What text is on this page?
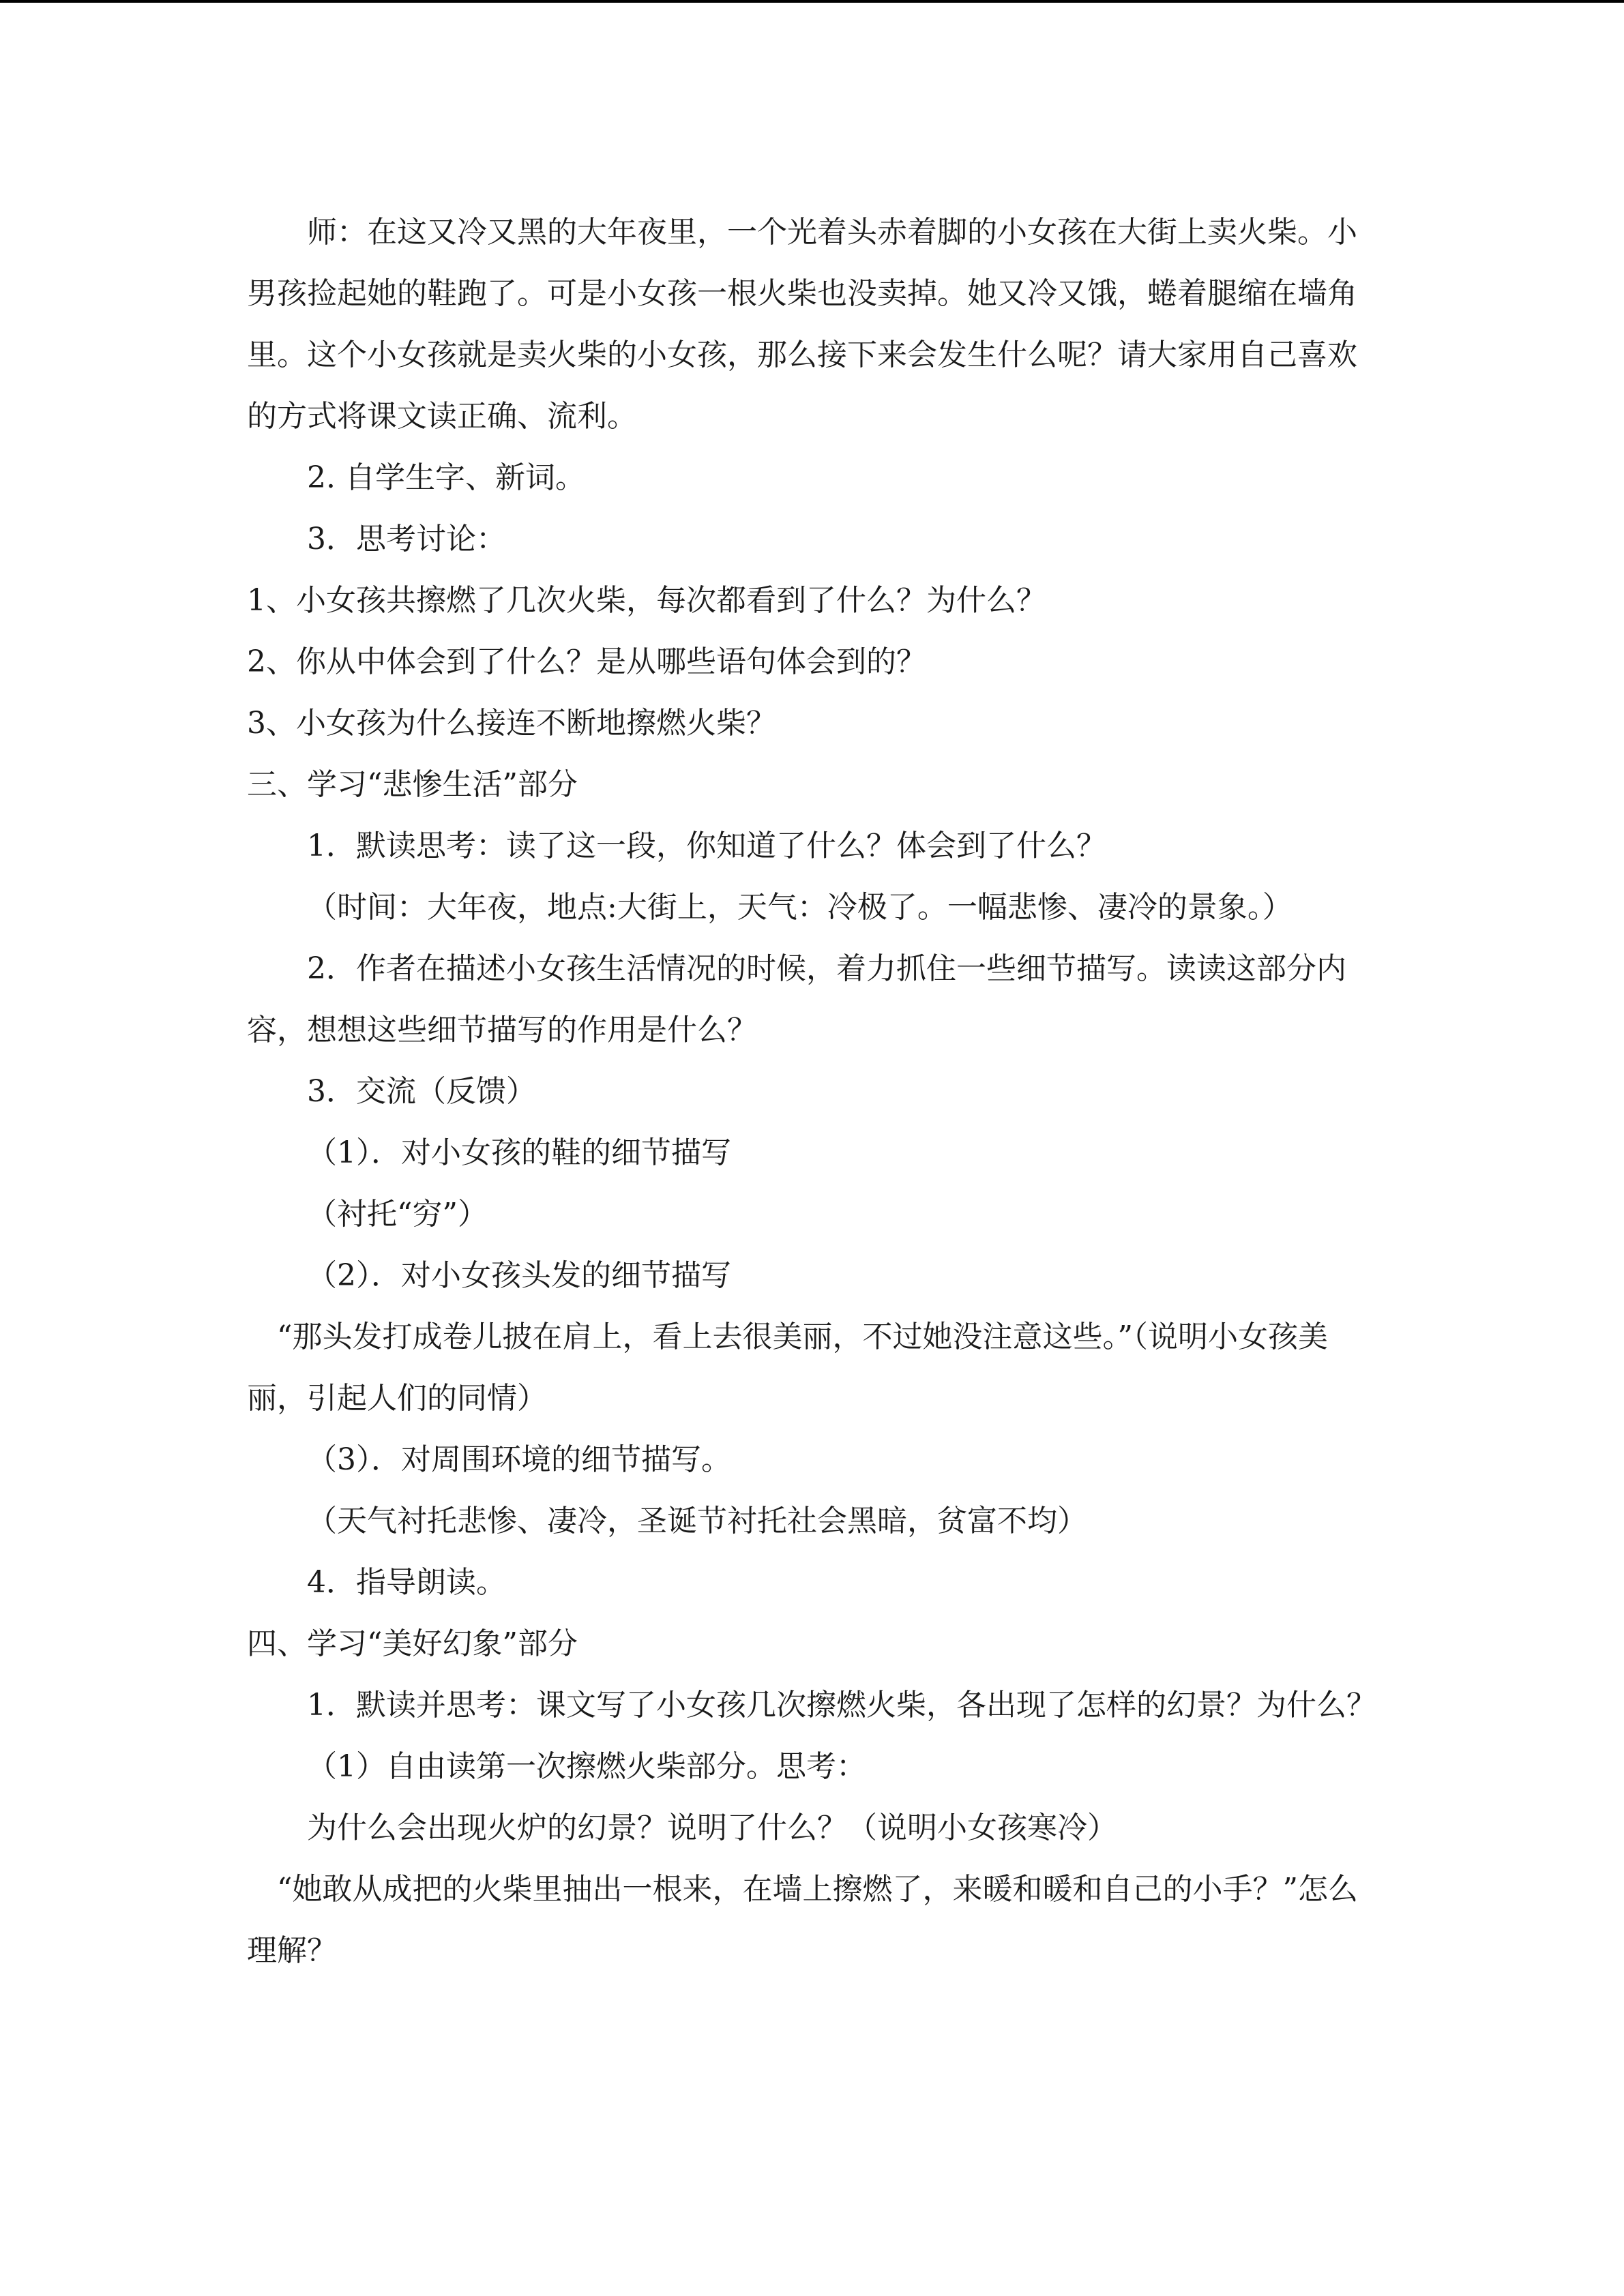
师：在这又冷又黑的大年夜里，一个光着头赤着脚的小女孩在大街上卖火柴。小男孩捡起她的鞋跑了。可是小女孩一根火柴也没卖掉。她又冷又饿，蜷着腿缩在墙角里。这个小女孩就是卖火柴的小女孩，那么接下来会发生什么呢？请大家用自己喜欢的方式将课文读正确、流利。

2. 自学生字、新词。

3．思考讨论：

1、小女孩共擦燃了几次火柴，每次都看到了什么？为什么？

2、你从中体会到了什么？是从哪些语句体会到的？

3、小女孩为什么接连不断地擦燃火柴？

三、学习“悲惨生活”部分

1．默读思考：读了这一段，你知道了什么？体会到了什么？

（时间：大年夜，地点:大街上，天气：冷极了。一幅悲惨、凄冷的景象。）

2．作者在描述小女孩生活情况的时候，着力抓住一些细节描写。读读这部分内容，想想这些细节描写的作用是什么？

3．交流（反馈）

（1）．对小女孩的鞋的细节描写

（衬托“穷”）

（2）．对小女孩头发的细节描写

“那头发打成卷儿披在肩上，看上去很美丽，不过她没注意这些。”（说明小女孩美丽，引起人们的同情）

（3）．对周围环境的细节描写。

（天气衬托悲惨、凄冷，圣诞节衬托社会黑暗，贫富不均）

4．指导朗读。

四、学习“美好幻象”部分

1．默读并思考：课文写了小女孩几次擦燃火柴，各出现了怎样的幻景？为什么？

（1）自由读第一次擦燃火柴部分。思考：

为什么会出现火炉的幻景？说明了什么？（说明小女孩寒冷）

“她敢从成把的火柴里抽出一根来，在墙上擦燃了，来暖和暖和自己的小手？”怎么理解？
